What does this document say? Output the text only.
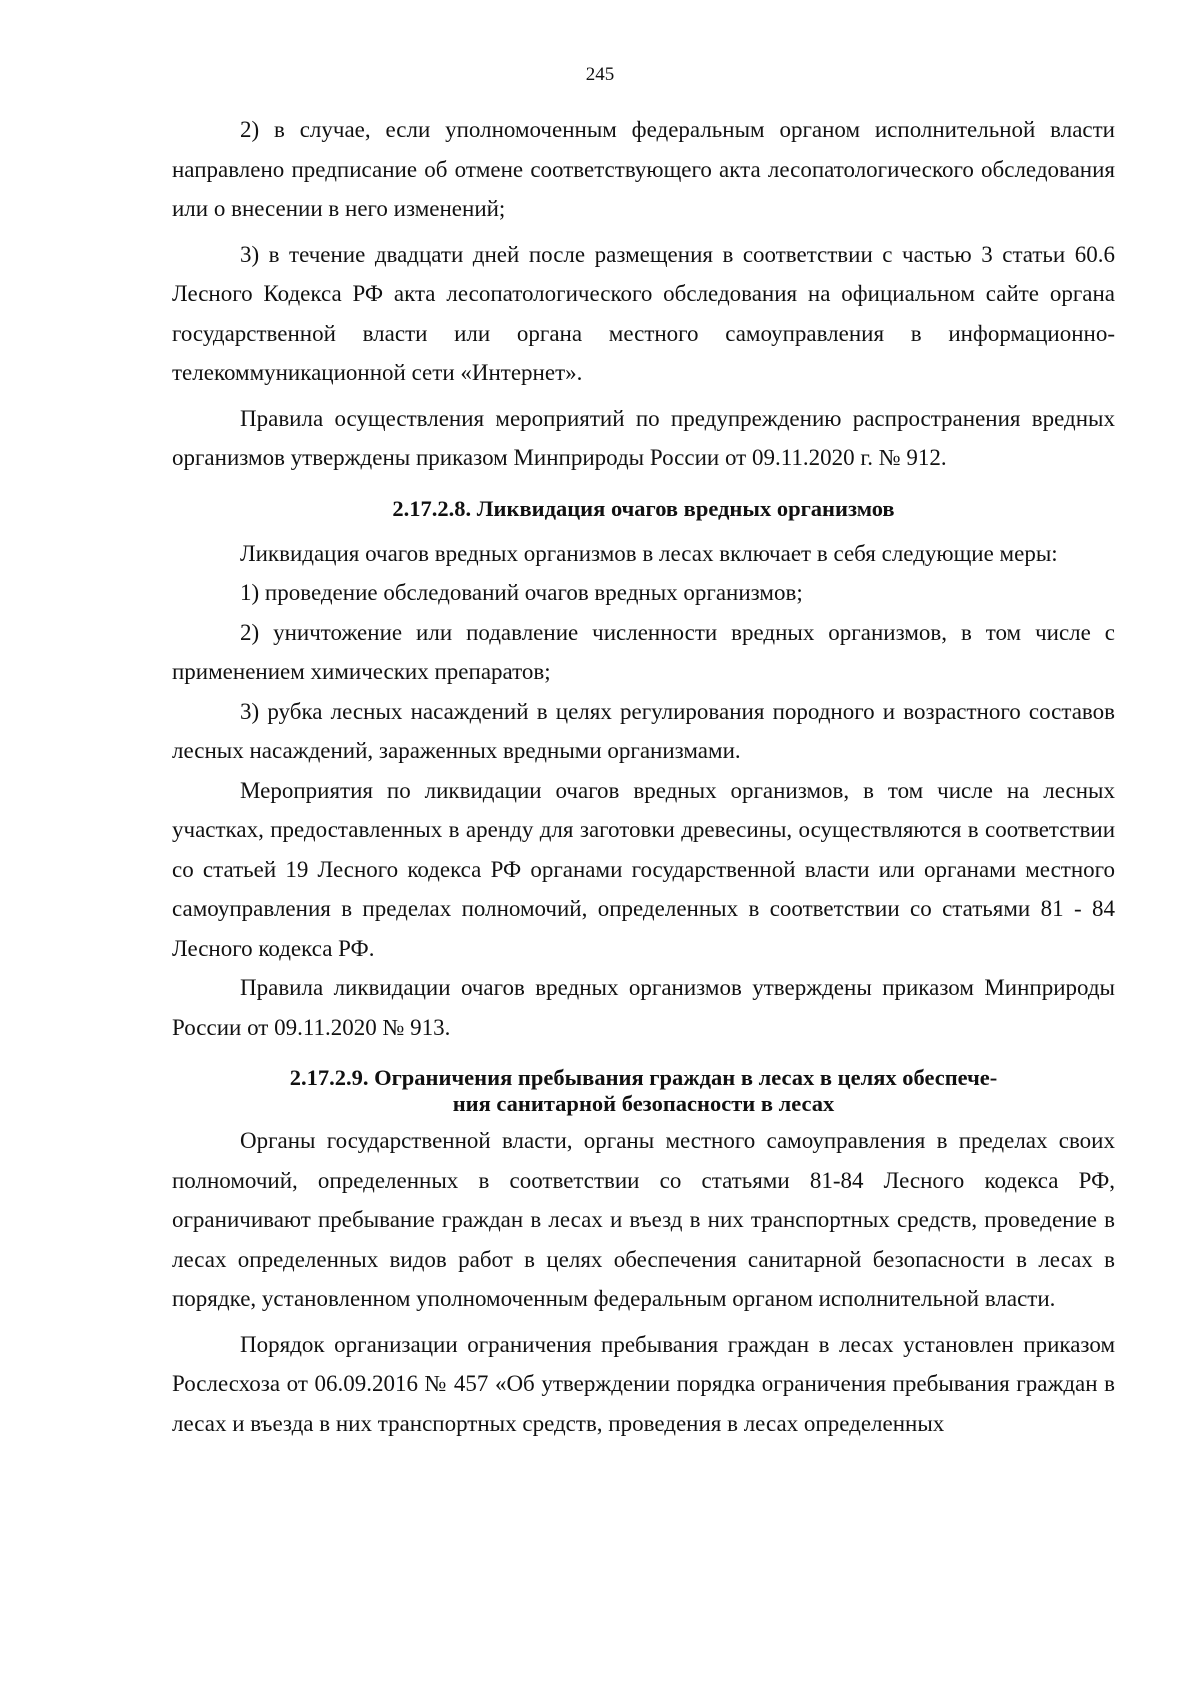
245

2) в случае, если уполномоченным федеральным органом исполнительной власти направлено предписание об отмене соответствующего акта лесопатологического обследования или о внесении в него изменений;

3) в течение двадцати дней после размещения в соответствии с частью 3 статьи 60.6 Лесного Кодекса РФ акта лесопатологического обследования на официальном сайте органа государственной власти или органа местного самоуправления в информационно-телекоммуникационной сети «Интернет».

Правила осуществления мероприятий по предупреждению распространения вредных организмов утверждены приказом Минприроды России от 09.11.2020 г. № 912.

2.17.2.8. Ликвидация очагов вредных организмов

Ликвидация очагов вредных организмов в лесах включает в себя следующие меры:

1) проведение обследований очагов вредных организмов;

2) уничтожение или подавление численности вредных организмов, в том числе с применением химических препаратов;

3) рубка лесных насаждений в целях регулирования породного и возрастного составов лесных насаждений, зараженных вредными организмами.

Мероприятия по ликвидации очагов вредных организмов, в том числе на лесных участках, предоставленных в аренду для заготовки древесины, осуществляются в соответствии со статьей 19 Лесного кодекса РФ органами государственной власти или органами местного самоуправления в пределах полномочий, определенных в соответствии со статьями 81 - 84 Лесного кодекса РФ.

Правила ликвидации очагов вредных организмов утверждены приказом Минприроды России от 09.11.2020 № 913.

2.17.2.9. Ограничения пребывания граждан в лесах в целях обеспече-
ния санитарной безопасности в лесах

Органы государственной власти, органы местного самоуправления в пределах своих полномочий, определенных в соответствии со статьями 81-84 Лесного кодекса РФ, ограничивают пребывание граждан в лесах и въезд в них транспортных средств, проведение в лесах определенных видов работ в целях обеспечения санитарной безопасности в лесах в порядке, установленном уполномоченным федеральным органом исполнительной власти.

Порядок организации ограничения пребывания граждан в лесах установлен приказом Рослесхоза от 06.09.2016 № 457 «Об утверждении порядка ограничения пребывания граждан в лесах и въезда в них транспортных средств, проведения в лесах определенных
